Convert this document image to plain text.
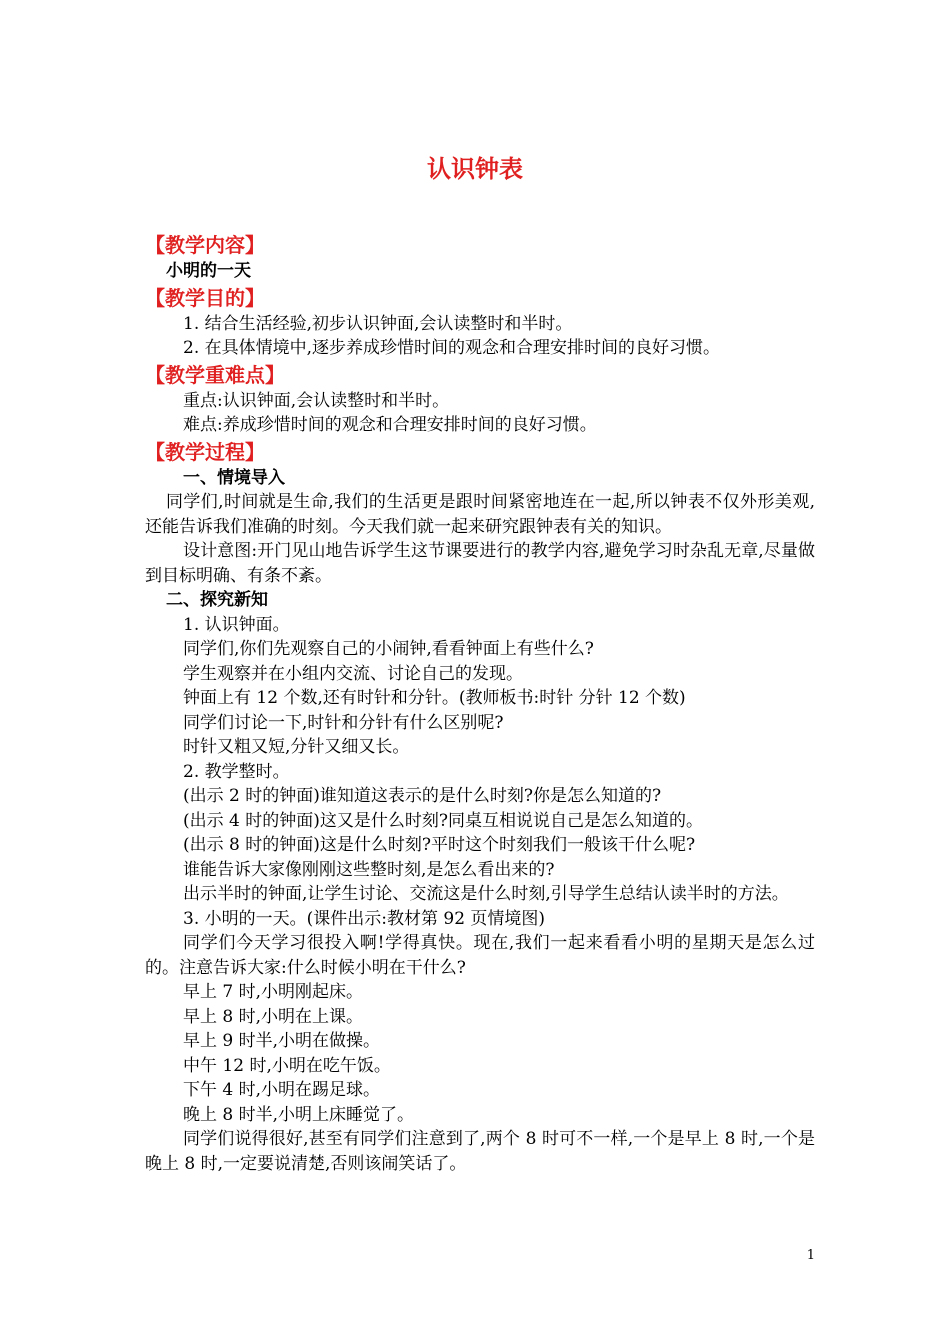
认识钟表
【教学内容】
小明的一天
【教学目的】
1. 结合生活经验,初步认识钟面,会认读整时和半时。
2. 在具体情境中,逐步养成珍惜时间的观念和合理安排时间的良好习惯。
【教学重难点】
重点:认识钟面,会认读整时和半时。
难点:养成珍惜时间的观念和合理安排时间的良好习惯。
【教学过程】
一、情境导入
同学们,时间就是生命,我们的生活更是跟时间紧密地连在一起,所以钟表不仅外形美观,还能告诉我们准确的时刻。今天我们就一起来研究跟钟表有关的知识。
设计意图:开门见山地告诉学生这节课要进行的教学内容,避免学习时杂乱无章,尽量做到目标明确、有条不紊。
二、探究新知
1. 认识钟面。
同学们,你们先观察自己的小闹钟,看看钟面上有些什么?
学生观察并在小组内交流、讨论自己的发现。
钟面上有 12 个数,还有时针和分针。(教师板书:时针 分针 12 个数)
同学们讨论一下,时针和分针有什么区别呢?
时针又粗又短,分针又细又长。
2. 教学整时。
(出示 2 时的钟面)谁知道这表示的是什么时刻?你是怎么知道的?
(出示 4 时的钟面)这又是什么时刻?同桌互相说说自己是怎么知道的。
(出示 8 时的钟面)这是什么时刻?平时这个时刻我们一般该干什么呢?
谁能告诉大家像刚刚这些整时刻,是怎么看出来的?
出示半时的钟面,让学生讨论、交流这是什么时刻,引导学生总结认读半时的方法。
3. 小明的一天。(课件出示:教材第 92 页情境图)
同学们今天学习很投入啊!学得真快。现在,我们一起来看看小明的星期天是怎么过的。注意告诉大家:什么时候小明在干什么?
早上 7 时,小明刚起床。
早上 8 时,小明在上课。
早上 9 时半,小明在做操。
中午 12 时,小明在吃午饭。
下午 4 时,小明在踢足球。
晚上 8 时半,小明上床睡觉了。
同学们说得很好,甚至有同学们注意到了,两个 8 时可不一样,一个是早上 8 时,一个是晚上 8 时,一定要说清楚,否则该闹笑话了。
1
